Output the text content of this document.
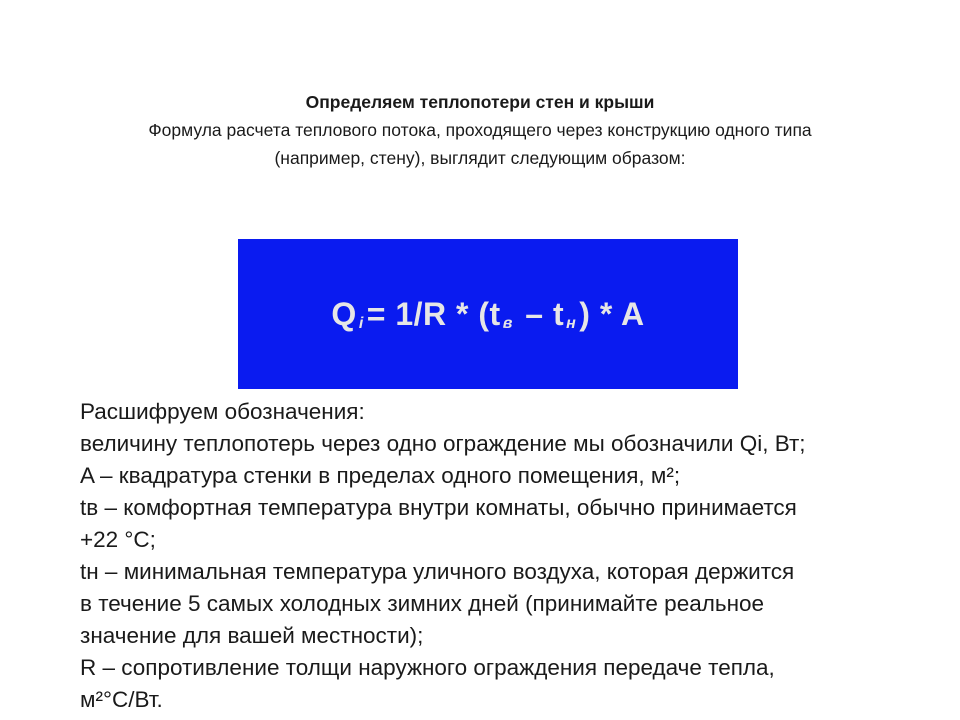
Определяем теплопотери стен и крыши
Формула расчета теплового потока, проходящего через конструкцию одного типа
(например, стену), выглядит следующим образом:
Qi= 1/R * (t в – t н) * A
Расшифруем обозначения:
величину теплопотерь через одно ограждение мы обозначили Qi, Вт;
A – квадратура стенки в пределах одного помещения, м²;
tв – комфортная температура внутри комнаты, обычно принимается
+22 °С;
tн – минимальная температура уличного воздуха, которая держится
в течение 5 самых холодных зимних дней (принимайте реальное
значение для вашей местности);
R – сопротивление толщи наружного ограждения передаче тепла,
м²°С/Вт.
